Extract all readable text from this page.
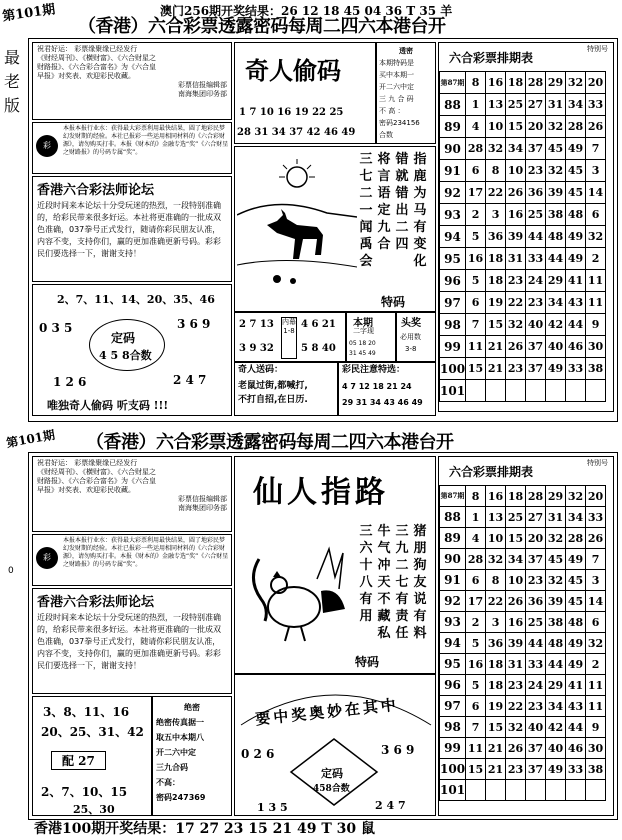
第101期	澳门256期开奖结果：26 12 18 45 04 36 T 35 羊
（香港）六合彩票透露密码每周二四六本港台开
最老版
祝君好运： 彩票缘聚缘已经发行
《财经周刊》、《横财富》、《六合财星之
财路报》、《六合彩合富名》为《六合皇
早报》对奖表、欢迎彩民收藏。
彩票信报编辑部
南海集团印务部
彩
本报本报行业水：获得最大彩票利用最快结果，圆了地彩民梦幻发财期的经验。本社已报彩一些运用相同材料的《六合彩财源》，请勿购买打非。本报《财本的》金融专选“奖”《六合财星之财路报》的号码专属“奖”。
香港六合彩法师论坛
近段时间来本论坛十分受玩迷的热烈，一段特别准确的，给彩民带来很多好运。本社将更准确的一批成双色准确，037拳号正式发行，随请你彩民朋友认准，内容不变，支持你们，赢的更加准确更新号码。彩彩民们要选择一下，谢谢支持！
2、7、11、14、20、35、46
0 3 5	3 6 9
定码
4 5 8合数
1 2 6	2 4 7
唯独奇人偷码 听支码 !!!
奇人偷码
1 7 10 16 19 22 25
28 31 34 37 42 46 49
透密
本期特码是
买中本期一
开二六中定
三 九 合 码
不 高 ：
密码234156
合数
三七二一闻禹会
将言语定九合
错就错出二四
指鹿为马有变化
特码
2 7 13
3 9 32
内幕1-8
4 6 21
5 8 40
本期
二字现
05 18 20
31 45 49
头奖
必用数
3-8
奇人送码：
老鼠过街,都喊打,
不打自招,在日历.
彩民注意特选：
4 7 12 18 21 24
29 31 34 43 46 49
六合彩票排期表
特别号
第87期	8	16	18	28	29	32	20
88	1	13	25	27	31	34	33
89	4	10	15	20	32	28	26
90	28	32	34	37	45	49	7
91	6	8	10	23	32	45	3
92	17	22	26	36	39	45	14
93	2	3	16	25	38	48	6
94	5	36	39	44	48	49	32
95	16	18	31	33	44	49	2
96	5	18	23	24	29	41	11
97	6	19	22	23	34	43	11
98	7	15	32	40	42	44	9
99	11	21	26	37	40	46	30
100	15	21	23	37	49	33	38
101							
第101期 （香港）六合彩票透露密码每周二四六本港台开
0
祝君好运： 彩票缘聚缘已经发行
《财经周刊》、《横财富》、《六合财星之
财路报》、《六合彩合富名》为《六合皇
早报》对奖表、欢迎彩民收藏。
彩票信报编辑部
南海集团印务部
彩
本报本报行业水：获得最大彩票利用最快结果，圆了地彩民梦幻发财期的经验。本社已报彩一些运用相同材料的《六合彩财源》，请勿购买打非。本报《财本的》金融专选“奖”《六合财星之财路报》的号码专属“奖”。
香港六合彩法师论坛
近段时间来本论坛十分受玩迷的热烈，一段特别准确的，给彩民带来很多好运。本社将更准确的一批成双色准确，037拳号正式发行，随请你彩民朋友认准，内容不变，支持你们，赢的更加准确更新号码。彩彩民们要选择一下，谢谢支持！
3、8、11、16
20、25、31、42
配 27
2、7、10、15
25、30
绝密
绝密传真据一
取五中本期八
开二六中定
三九合码
不高：
密码247369
仙人指路
三六十八有用
牛气冲天不藏私
三九二七有责任
猪朋狗友说有料
特码
要中奖奥妙在其中
0 2 6	3 6 9
定码
458合数
1 3 5	2 4 7
六合彩票排期表
特别号
第87期	8	16	18	28	29	32	20
88	1	13	25	27	31	34	33
89	4	10	15	20	32	28	26
90	28	32	34	37	45	49	7
91	6	8	10	23	32	45	3
92	17	22	26	36	39	45	14
93	2	3	16	25	38	48	6
94	5	36	39	44	48	49	32
95	16	18	31	33	44	49	2
96	5	18	23	24	29	41	11
97	6	19	22	23	34	43	11
98	7	15	32	40	42	44	9
99	11	21	26	37	40	46	30
100	15	21	23	37	49	33	38
101							
香港100期开奖结果：17 27 23 15 21 49 T 30 鼠
